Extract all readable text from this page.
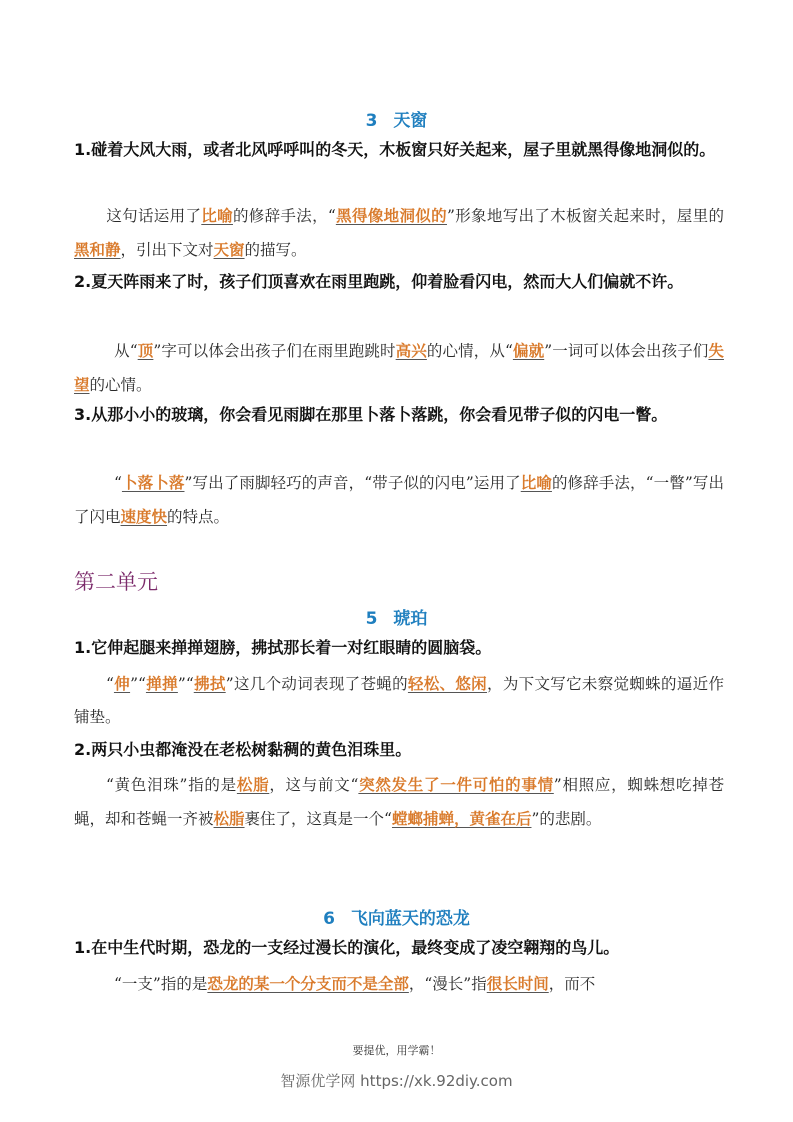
3 天窗
1.碰着大风大雨，或者北风呼呼叫的冬天，木板窗只好关起来，屋子里就黑得像地洞似的。
这句话运用了比喻的修辞手法，“黑得像地洞似的”形象地写出了木板窗关起来时，屋里的黑和静，引出下文对天窗的描写。
2.夏天阵雨来了时，孩子们顶喜欢在雨里跑跳，仰着脸看闪电，然而大人们偏就不许。
从“顶”字可以体会出孩子们在雨里跑跳时高兴的心情，从“偏就”一词可以体会出孩子们失望的心情。
3.从那小小的玻璃，你会看见雨脚在那里卜落卜落跳，你会看见带子似的闪电一瞥。
“卜落卜落”写出了雨脚轻巧的声音，“带子似的闪电”运用了比喻的修辞手法，“一瞥”写出了闪电速度快的特点。
第二单元
5 琥珀
1.它伸起腿来掸掸翅膀，拂拭那长着一对红眼睛的圆脑袋。
“伸”“掸掸”“拂拭”这几个动词表现了苍蝇的轻松、悠闲，为下文写它未察觉蜘蛛的逼近作铺垫。
2.两只小虫都淹没在老松树黏稠的黄色泪珠里。
“黄色泪珠”指的是松脂，这与前文“突然发生了一件可怕的事情”相照应，蜘蛛想吃掉苍蝇，却和苍蝇一齐被松脂裹住了，这真是一个“螳螂捕蝉，黄雀在后”的悲剧。
6 飞向蓝天的恐龙
1.在中生代时期，恐龙的一支经过漫长的演化，最终变成了凌空翱翔的鸟儿。
“一支”指的是恐龙的某一个分支而不是全部，“漫长”指很长时间，而不
要提优，用学霸！
智源优学网 https://xk.92diy.com
